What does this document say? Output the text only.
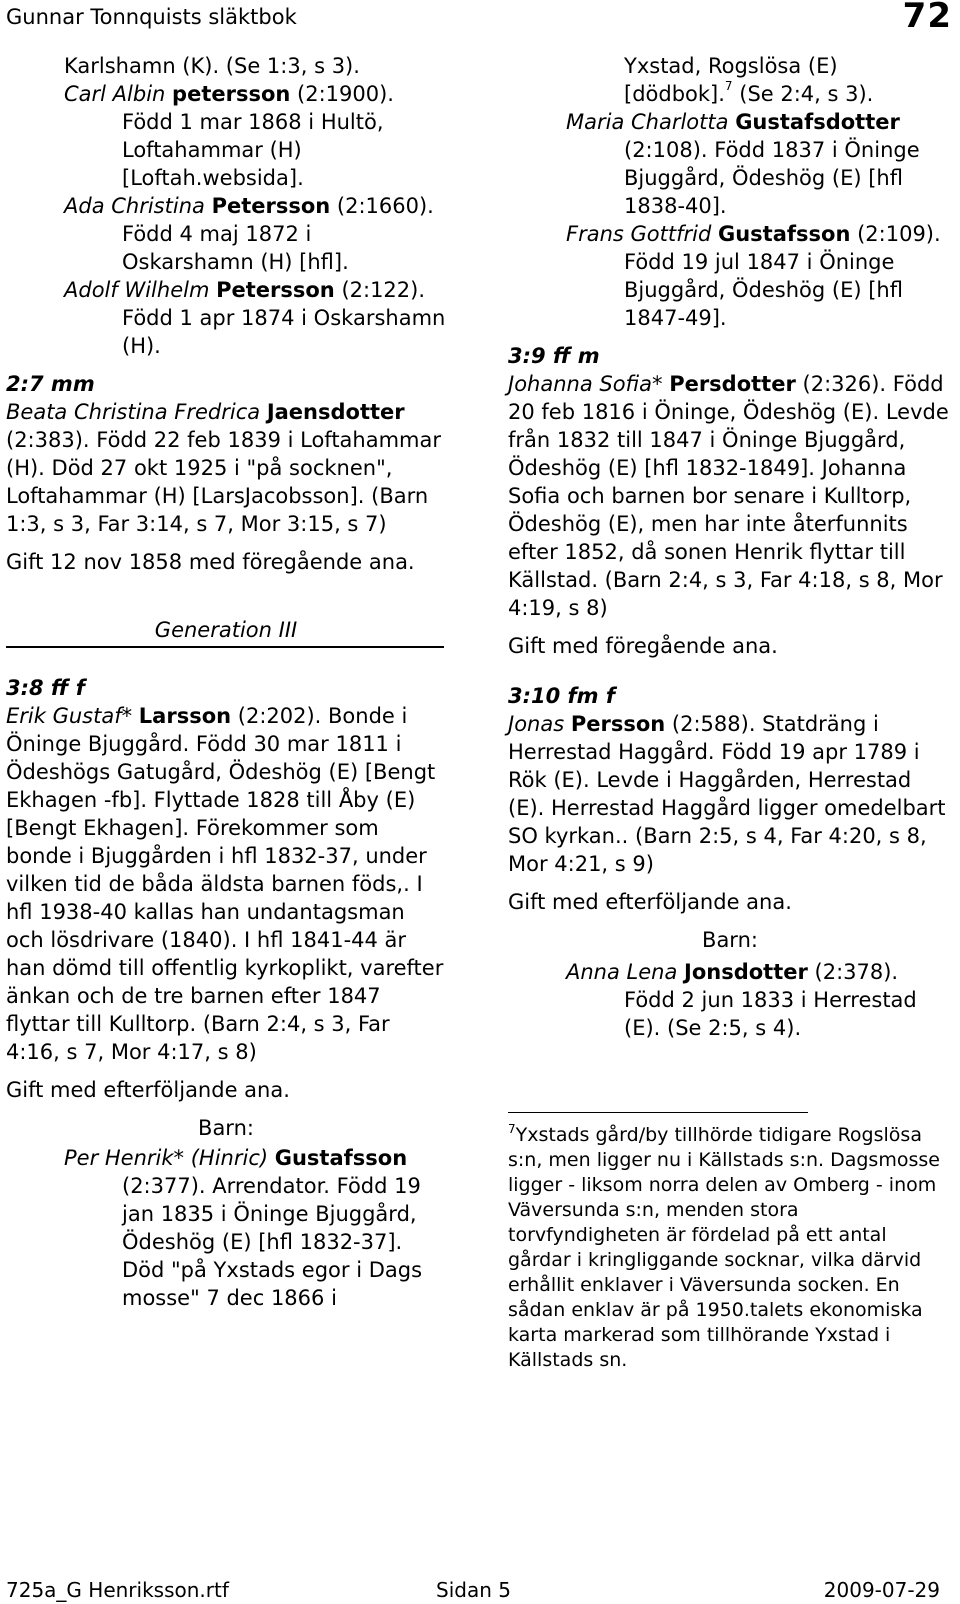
Gunnar Tonnquists släktbok	72
Karlshamn (K). (Se 1:3, s 3).
Carl Albin petersson (2:1900). Född 1 mar 1868 i Hultö, Loftahammar (H) [Loftah.websida].
Ada Christina Petersson (2:1660). Född 4 maj 1872 i Oskarshamn (H) [hfl].
Adolf Wilhelm Petersson (2:122). Född 1 apr 1874 i Oskarshamn (H).
2:7 mm
Beata Christina Fredrica Jaensdotter (2:383). Född 22 feb 1839 i Loftahammar (H). Död 27 okt 1925 i "på socknen", Loftahammar (H) [LarsJacobsson]. (Barn 1:3, s 3, Far 3:14, s 7, Mor 3:15, s 7)
Gift 12 nov 1858 med föregående ana.
Generation III
3:8 ff f
Erik Gustaf* Larsson (2:202). Bonde i Öninge Bjuggård. Född 30 mar 1811 i Ödeshögs Gatugård, Ödeshög (E) [Bengt Ekhagen -fb]. Flyttade 1828 till Åby (E) [Bengt Ekhagen]. Förekommer som bonde i Bjuggården i hfl 1832-37, under vilken tid de båda äldsta barnen föds,. I hfl 1938-40 kallas han undantagsman och lösdrivare (1840). I hfl 1841-44 är han dömd till offentlig kyrkoplikt, varefter änkan och de tre barnen efter 1847 flyttar till Kulltorp. (Barn 2:4, s 3, Far 4:16, s 7, Mor 4:17, s 8)
Gift med efterföljande ana.
Barn:
Per Henrik* (Hinric) Gustafsson (2:377). Arrendator. Född 19 jan 1835 i Öninge Bjuggård, Ödeshög (E) [hfl 1832-37]. Död "på Yxstads egor i Dags mosse" 7 dec 1866 i
Yxstad, Rogslösa (E) [dödbok].$^7$ (Se 2:4, s 3).
Maria Charlotta Gustafsdotter (2:108). Född 1837 i Öninge Bjuggård, Ödeshög (E) [hfl 1838-40].
Frans Gottfrid Gustafsson (2:109). Född 19 jul 1847 i Öninge Bjuggård, Ödeshög (E) [hfl 1847-49].
3:9 ff m
Johanna Sofia* Persdotter (2:326). Född 20 feb 1816 i Öninge, Ödeshög (E). Levde från 1832 till 1847 i Öninge Bjuggård, Ödeshög (E) [hfl 1832-1849]. Johanna Sofia och barnen bor senare i Kulltorp, Ödeshög (E), men har inte återfunnits efter 1852, då sonen Henrik flyttar till Källstad. (Barn 2:4, s 3, Far 4:18, s 8, Mor 4:19, s 8)
Gift med föregående ana.
3:10 fm f
Jonas Persson (2:588). Statdräng i Herrestad Haggård. Född 19 apr 1789 i Rök (E). Levde i Haggården, Herrestad (E). Herrestad Haggård ligger omedelbart SO kyrkan.. (Barn 2:5, s 4, Far 4:20, s 8, Mor 4:21, s 9)
Gift med efterföljande ana.
Barn:
Anna Lena Jonsdotter (2:378). Född 2 jun 1833 i Herrestad (E). (Se 2:5, s 4).
$^7$Yxstads gård/by tillhörde tidigare Rogslösa s:n, men ligger nu i Källstads s:n. Dagsmosse ligger - liksom norra delen av Omberg - inom Väversunda s:n, menden stora torvfyndigheten är fördelad på ett antal gårdar i kringliggande socknar, vilka därvid erhållit enklaver i Väversunda socken. En sådan enklav är på 1950.talets ekonomiska karta markerad som tillhörande Yxstad i Källstads sn.
725a_G Henriksson.rtf	Sidan 5	2009-07-29
